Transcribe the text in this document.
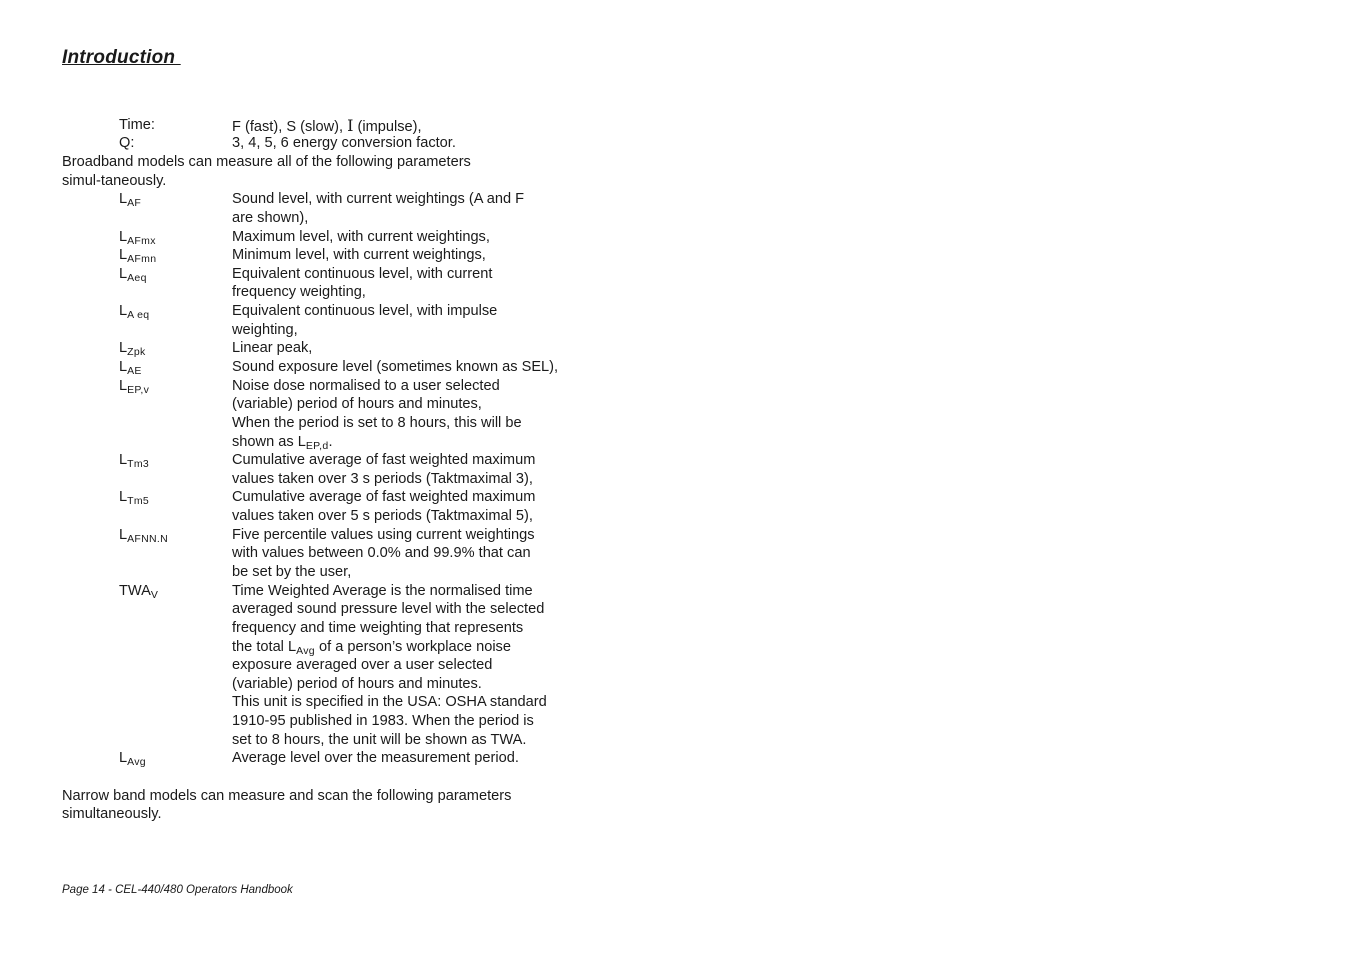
Introduction
Time:	F (fast), S (slow), I (impulse),
Q:	3, 4, 5, 6 energy conversion factor.
Broadband models can measure all of the following parameters
simul-taneously.
$L_{AF}$	Sound level, with current weightings (A and F
are shown),
$L_{AFmx}$	Maximum level, with current weightings,
$L_{AFmn}$	Minimum level, with current weightings,
$L_{Aeq}$	Equivalent continuous level, with current
frequency weighting,
$L_{A eq}$	Equivalent continuous level, with impulse
weighting,
$L_{Zpk}$	Linear peak,
$L_{AE}$	Sound exposure level (sometimes known as SEL),
$L_{EP,v}$	Noise dose normalised to a user selected
(variable) period of hours and minutes,
When the period is set to 8 hours, this will be
shown as $L_{EP,d}$.
$L_{Tm3}$	Cumulative average of fast weighted maximum
values taken over 3 s periods (Taktmaximal 3),
$L_{Tm5}$	Cumulative average of fast weighted maximum
values taken over 5 s periods (Taktmaximal 5),
$L_{AFNN.N}$	Five percentile values using current weightings
with values between 0.0% and 99.9% that can
be set by the user,
$TWA_V$	Time Weighted Average is the normalised time
averaged sound pressure level with the selected
frequency and time weighting that represents
the total $L_{Avg}$ of a person’s workplace noise
exposure averaged over a user selected
(variable) period of hours and minutes.
This unit is specified in the USA: OSHA standard
1910-95 published in 1983. When the period is
set to 8 hours, the unit will be shown as TWA.
$L_{Avg}$	Average level over the measurement period.
Narrow band models can measure and scan the following parameters
simultaneously.
Page 14 - CEL-440/480 Operators Handbook
